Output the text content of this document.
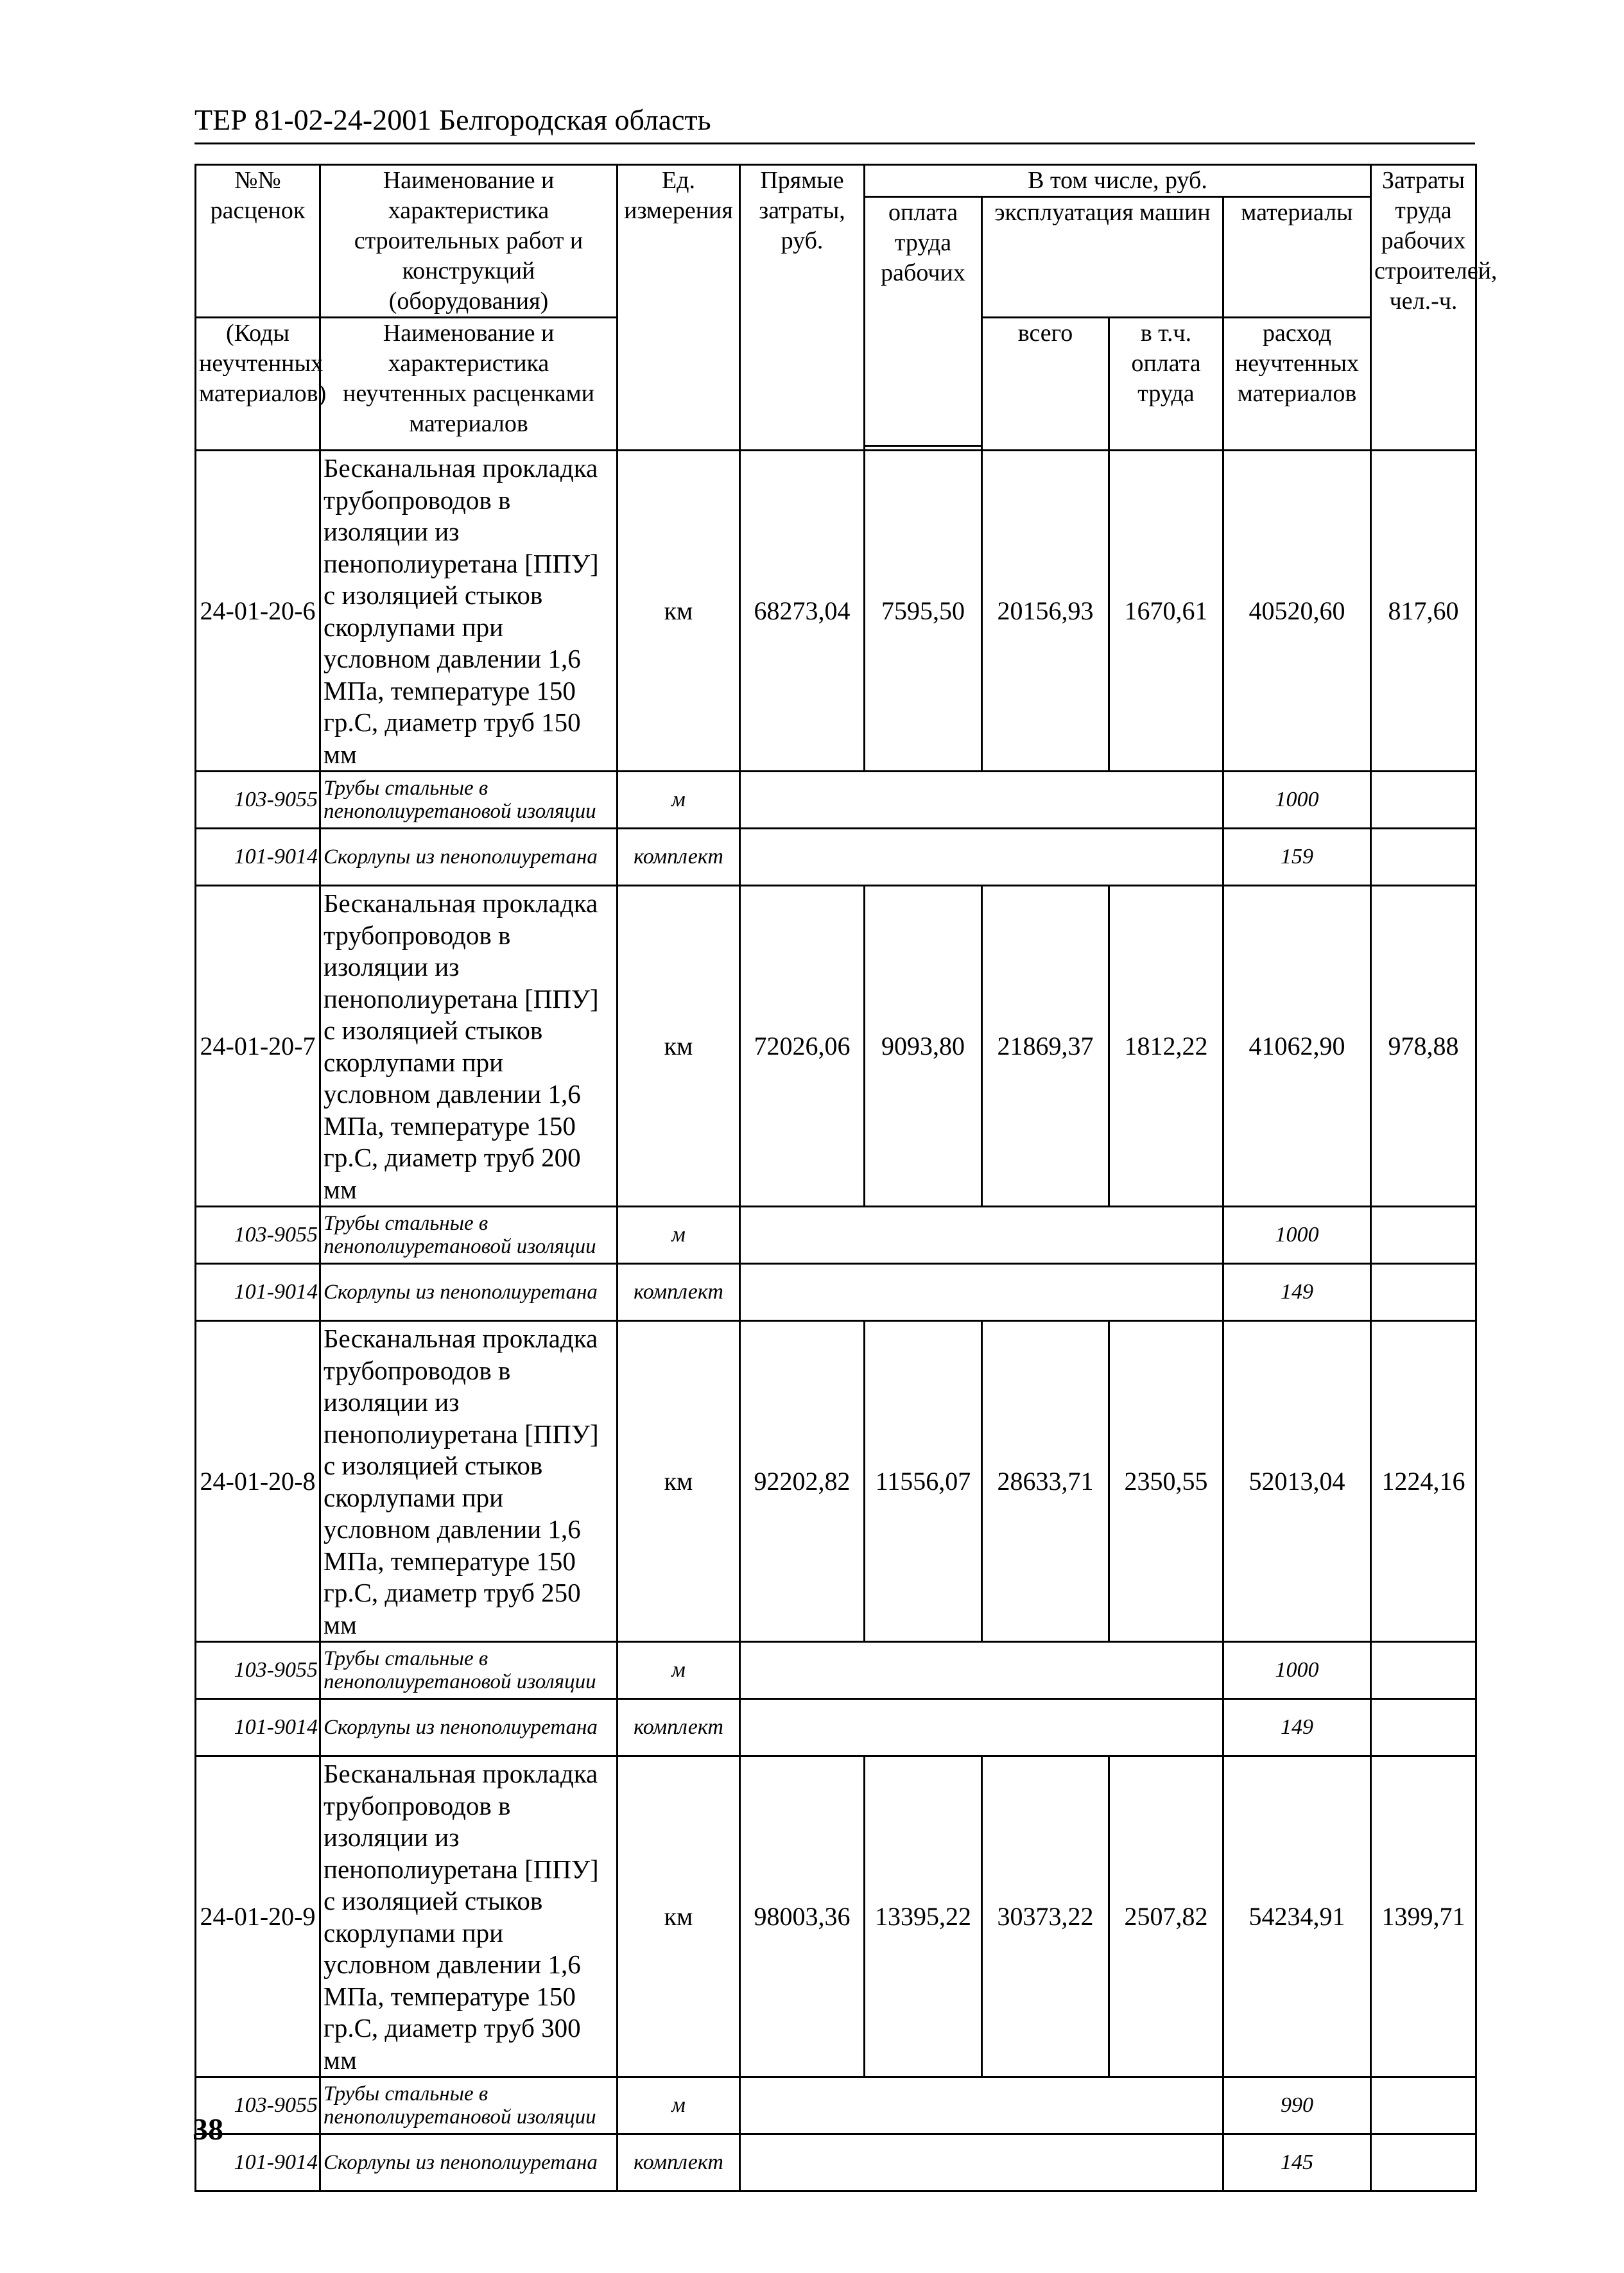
ТЕР 81-02-24-2001 Белгородская область
№№ расценок	Наименование и характеристика строительных работ и конструкций (оборудования)	Ед. измерения	Прямые затраты, руб.	В том числе, руб.				Затраты труда рабочих строителей, чел.-ч.
				оплата труда рабочих	эксплуатация машин		материалы	

(Коды неучтенных материалов)	Наименование и характеристика неучтенных расценками материалов				всего	в т.ч. оплата труда	расход неучтенных материалов	

24-01-20-6	Бесканальная прокладка трубопроводов в изоляции из пенополиуретана [ППУ] с изоляцией стыков скорлупами при условном давлении 1,6 МПа, температуре 150 гр.С, диаметр труб 150 мм	км	68273,04	7595,50	20156,93	1670,61	40520,60	817,60
103-9055	Трубы стальные в пенополиуретановой изоляции	м					1000	
101-9014	Скорлупы из пенополиуретана	комплект					159	
24-01-20-7	Бесканальная прокладка трубопроводов в изоляции из пенополиуретана [ППУ] с изоляцией стыков скорлупами при условном давлении 1,6 МПа, температуре 150 гр.С, диаметр труб 200 мм	км	72026,06	9093,80	21869,37	1812,22	41062,90	978,88
103-9055	Трубы стальные в пенополиуретановой изоляции	м					1000	
101-9014	Скорлупы из пенополиуретана	комплект					149	
24-01-20-8	Бесканальная прокладка трубопроводов в изоляции из пенополиуретана [ППУ] с изоляцией стыков скорлупами при условном давлении 1,6 МПа, температуре 150 гр.С, диаметр труб 250 мм	км	92202,82	11556,07	28633,71	2350,55	52013,04	1224,16
103-9055	Трубы стальные в пенополиуретановой изоляции	м					1000	
101-9014	Скорлупы из пенополиуретана	комплект					149	
24-01-20-9	Бесканальная прокладка трубопроводов в изоляции из пенополиуретана [ППУ] с изоляцией стыков скорлупами при условном давлении 1,6 МПа, температуре 150 гр.С, диаметр труб 300 мм	км	98003,36	13395,22	30373,22	2507,82	54234,91	1399,71
103-9055	Трубы стальные в пенополиуретановой изоляции	м					990	
101-9014	Скорлупы из пенополиуретана	комплект					145	
38
